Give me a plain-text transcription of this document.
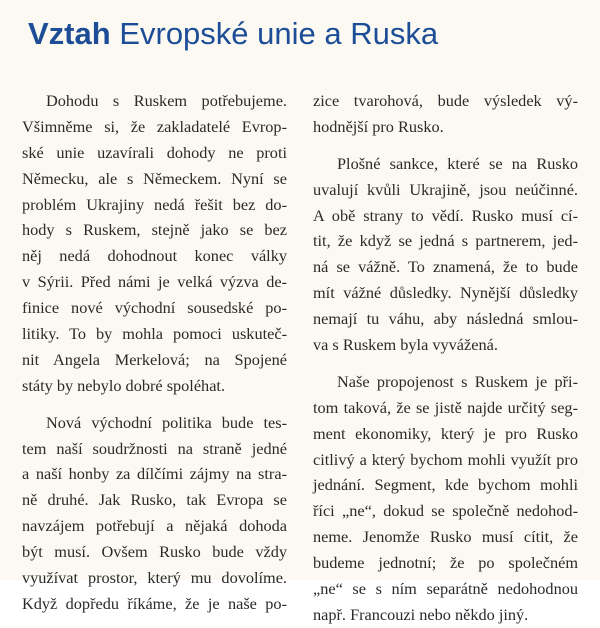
Vztah Evropské unie a Ruska
Dohodu s Ruskem potřebujeme.
Všimněme si, že zakladatelé Evrop-
ské unie uzavírali dohody ne proti
Německu, ale s Německem. Nyní se
problém Ukrajiny nedá řešit bez do-
hody s Ruskem, stejně jako se bez
něj nedá dohodnout konec války
v Sýrii. Před námi je velká výzva de-
finice nové východní sousedské po-
litiky. To by mohla pomoci uskuteč-
nit Angela Merkelová; na Spojené
státy by nebylo dobré spoléhat.
Nová východní politika bude tes-
tem naší soudržnosti na straně jedné
a naší honby za dílčími zájmy na stra-
ně druhé. Jak Rusko, tak Evropa se
navzájem potřebují a nějaká dohoda
být musí. Ovšem Rusko bude vždy
využívat prostor, který mu dovolíme.
Když dopředu říkáme, že je naše po-
zice tvarohová, bude výsledek vý-
hodnější pro Rusko.
Plošné sankce, které se na Rusko
uvalují kvůli Ukrajině, jsou neúčinné.
A obě strany to vědí. Rusko musí cí-
tit, že když se jedná s partnerem, jed-
ná se vážně. To znamená, že to bude
mít vážné důsledky. Nynější důsledky
nemají tu váhu, aby následná smlou-
va s Ruskem byla vyvážená.
Naše propojenost s Ruskem je při-
tom taková, že se jistě najde určitý seg-
ment ekonomiky, který je pro Rusko
citlivý a který bychom mohli využít pro
jednání. Segment, kde bychom mohli
říci „ne“, dokud se společně nedohod-
neme. Jenomže Rusko musí cítit, že
budeme jednotní; že po společném
„ne“ se s ním separátně nedohodnou
např. Francouzi nebo někdo jiný.
